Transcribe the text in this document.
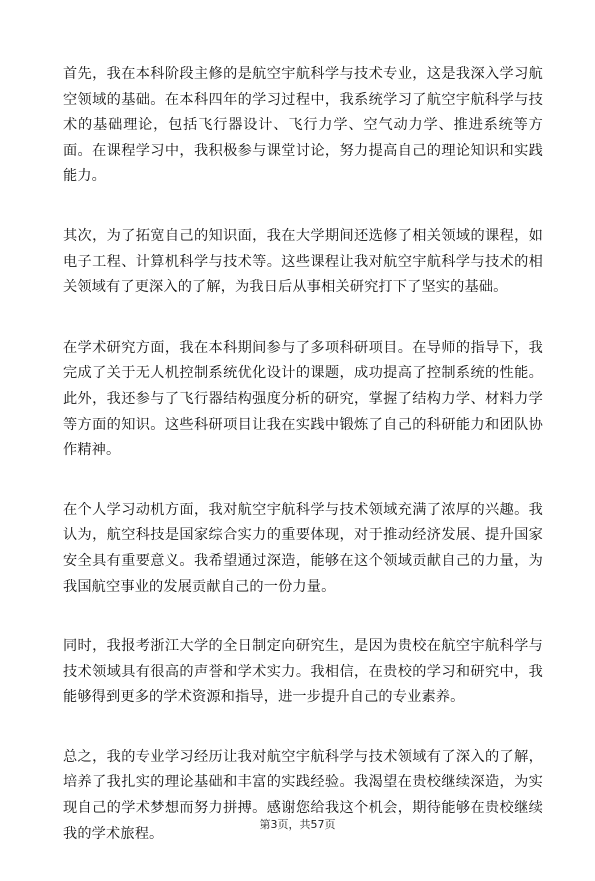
首先，我在本科阶段主修的是航空宇航科学与技术专业，这是我深入学习航空领域的基础。在本科四年的学习过程中，我系统学习了航空宇航科学与技术的基础理论，包括飞行器设计、飞行力学、空气动力学、推进系统等方面。在课程学习中，我积极参与课堂讨论，努力提高自己的理论知识和实践能力。

其次，为了拓宽自己的知识面，我在大学期间还选修了相关领域的课程，如电子工程、计算机科学与技术等。这些课程让我对航空宇航科学与技术的相关领域有了更深入的了解，为我日后从事相关研究打下了坚实的基础。

在学术研究方面，我在本科期间参与了多项科研项目。在导师的指导下，我完成了关于无人机控制系统优化设计的课题，成功提高了控制系统的性能。此外，我还参与了飞行器结构强度分析的研究，掌握了结构力学、材料力学等方面的知识。这些科研项目让我在实践中锻炼了自己的科研能力和团队协作精神。

在个人学习动机方面，我对航空宇航科学与技术领域充满了浓厚的兴趣。我认为，航空科技是国家综合实力的重要体现，对于推动经济发展、提升国家安全具有重要意义。我希望通过深造，能够在这个领域贡献自己的力量，为我国航空事业的发展贡献自己的一份力量。

同时，我报考浙江大学的全日制定向研究生，是因为贵校在航空宇航科学与技术领域具有很高的声誉和学术实力。我相信，在贵校的学习和研究中，我能够得到更多的学术资源和指导，进一步提升自己的专业素养。

总之，我的专业学习经历让我对航空宇航科学与技术领域有了深入的了解，培养了我扎实的理论基础和丰富的实践经验。我渴望在贵校继续深造，为实现自己的学术梦想而努力拼搏。感谢您给我这个机会，期待能够在贵校继续我的学术旅程。

第3页，共57页
